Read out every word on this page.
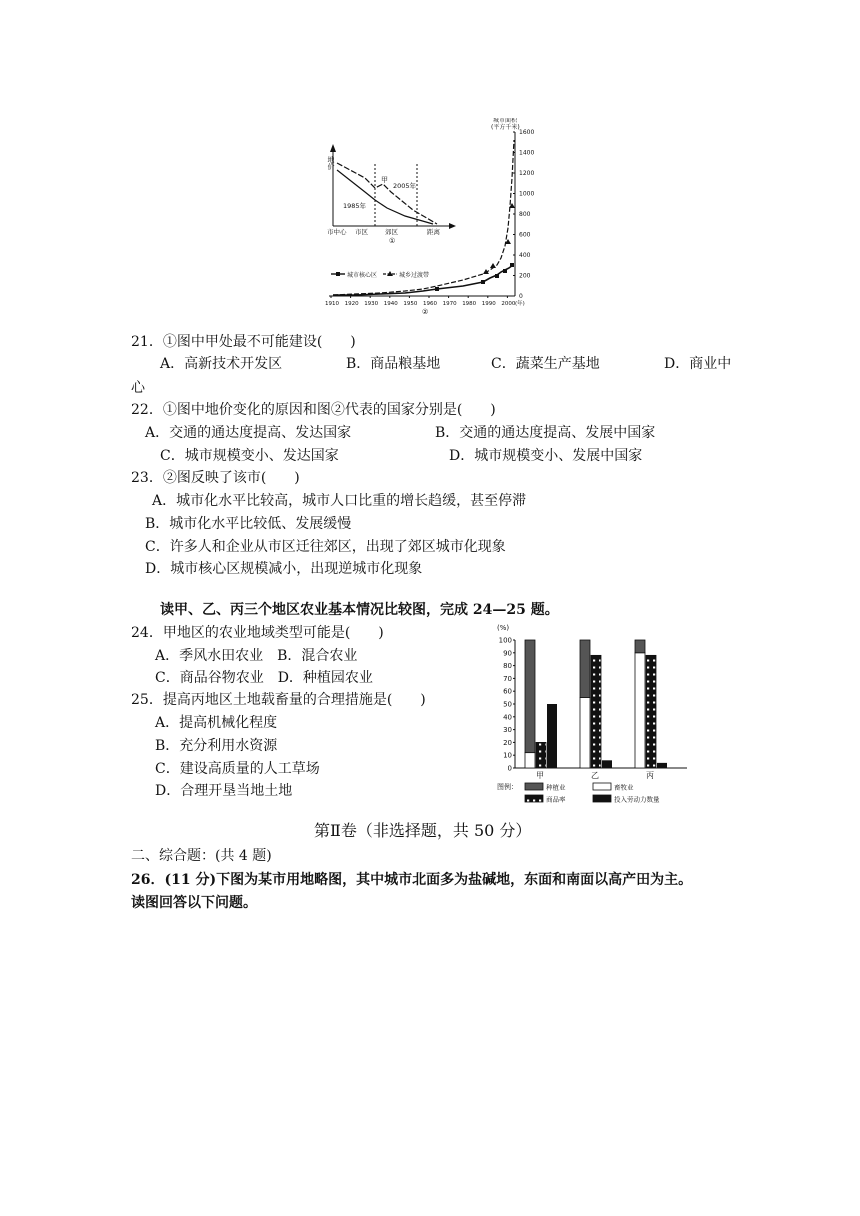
地价
甲
2005年
1985年
市中心 市区	郊区	距离
①
城市面积
(平方千米)
1600
1400
1200
1000
800
600
400
200
0
1910 1920 1930 1940 1950 1960 1970 1980 1990 2000 (年)
城市核心区	城乡过渡带
②
21．①图中甲处最不可能建设(　　)
A．高新技术开发区	B．商品粮基地	C．蔬菜生产基地	D．商业中
心
22．①图中地价变化的原因和图②代表的国家分别是(　　)
A．交通的通达度提高、发达国家	B．交通的通达度提高、发展中国家
C．城市规模变小、发达国家	D．城市规模变小、发展中国家
23．②图反映了该市(　　)
A．城市化水平比较高，城市人口比重的增长趋缓，甚至停滞
B．城市化水平比较低、发展缓慢
C．许多人和企业从市区迁往郊区，出现了郊区城市化现象
D．城市核心区规模减小，出现逆城市化现象
读甲、乙、丙三个地区农业基本情况比较图，完成 24—25 题。
24．甲地区的农业地域类型可能是(　　)
A．季风水田农业　B．混合农业
C．商品谷物农业　D．种植园农业
25．提高丙地区土地载畜量的合理措施是(　　)
A．提高机械化程度
B．充分利用水资源
C．建设高质量的人工草场
D．合理开垦当地土地
(%)
100
90
80
70
60
50
40
30
20
10
0
甲	乙	丙
图例：	种植业	畜牧业
商品率	投入劳动力数量
第Ⅱ卷（非选择题，共 50 分）
二、综合题：(共 4 题)
26．(11 分)下图为某市用地略图，其中城市北面多为盐碱地，东面和南面以高产田为主。
读图回答以下问题。
